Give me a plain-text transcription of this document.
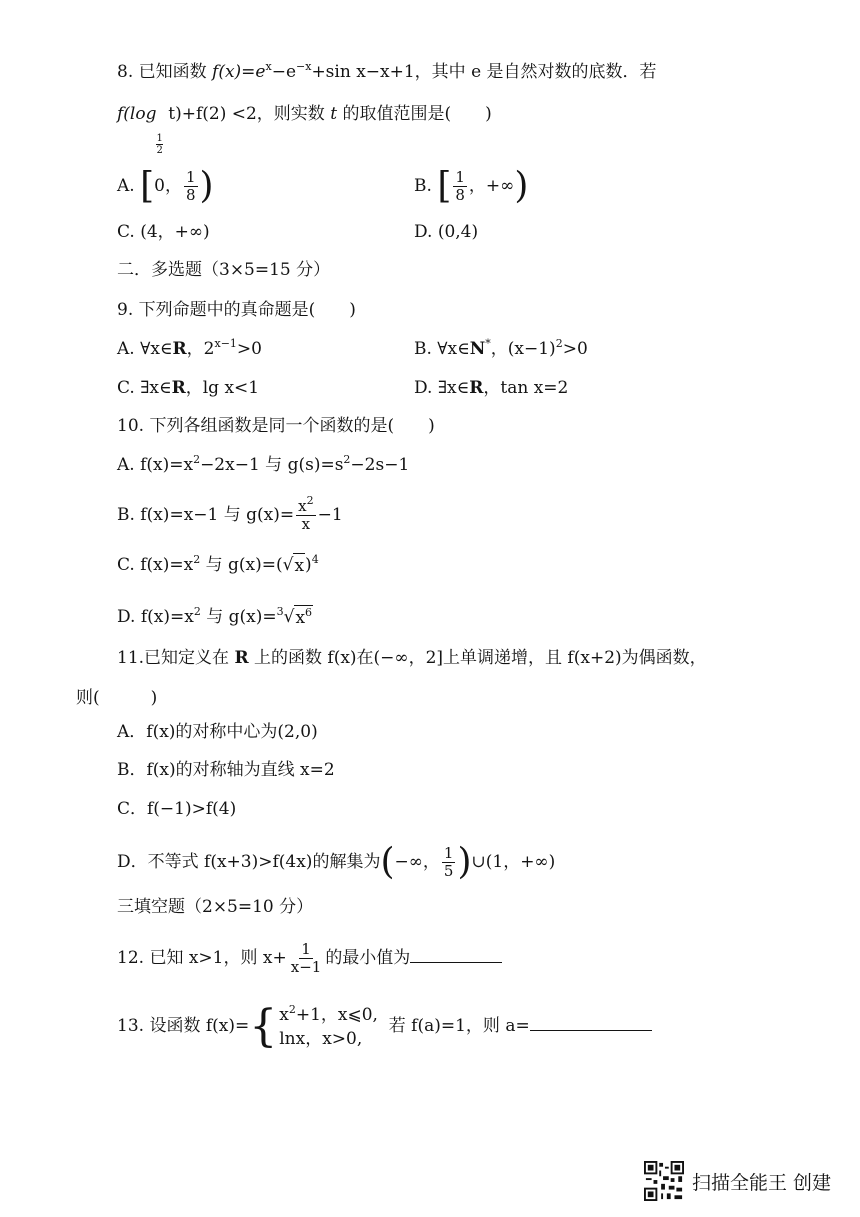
8. 已知函数 $f(x)=e^x-e^{-x}+\sin$ x−x+1，其中 e 是自然对数的底数．若
f(log
$\frac{1}{2}$
t)+f(2) <2，则实数 t 的取值范围是(　　)
A. [0， $\frac{1}{8}$ )	B. [ $\frac{1}{8}$ ，+∞)
C. (4，+∞)	D. (0,4)
二．多选题（3×5=15 分）
9. 下列命题中的真命题是(　　)
A. ∀x∈R，$2^{x-1}>0$	B. ∀x∈N*，$(x-1)^2>0$
C. ∃x∈R，lg x<1	D. ∃x∈R，tan x=2
10. 下列各组函数是同一个函数的是(　　)
A. $f(x)=x^2-2x-1$ 与 $g(s)=s^2-2s-1$
B. f(x)=x−1 与 $g(x)= \frac{x^2}{x} -1$
C. $f(x)=x^2$ 与 g(x)=( √ x )$^4$
D. $f(x)=x^2$ 与 g(x)=$^3$ √ $x^6$
11.已知定义在 R 上的函数 f(x)在(−∞，2]上单调递增，且 f(x+2)为偶函数，
则(　　　)
A．f(x)的对称中心为(2,0)
B．f(x)的对称轴为直线 x=2
C．f(−1)>f(4)
D．不等式 f(x+3)>f(4x)的解集为(−∞， $\frac{1}{5}$ )∪(1，+∞)
三填空题（2×5=10 分）
12. 已知 x>1，则 $x+ \frac{1}{x-1}$ 的最小值为
13. 设函数 f(x)= { $x^2+1$，x⩽0,
lnx，x>0,
若 f(a)=1，则 a=
扫描全能王 创建
